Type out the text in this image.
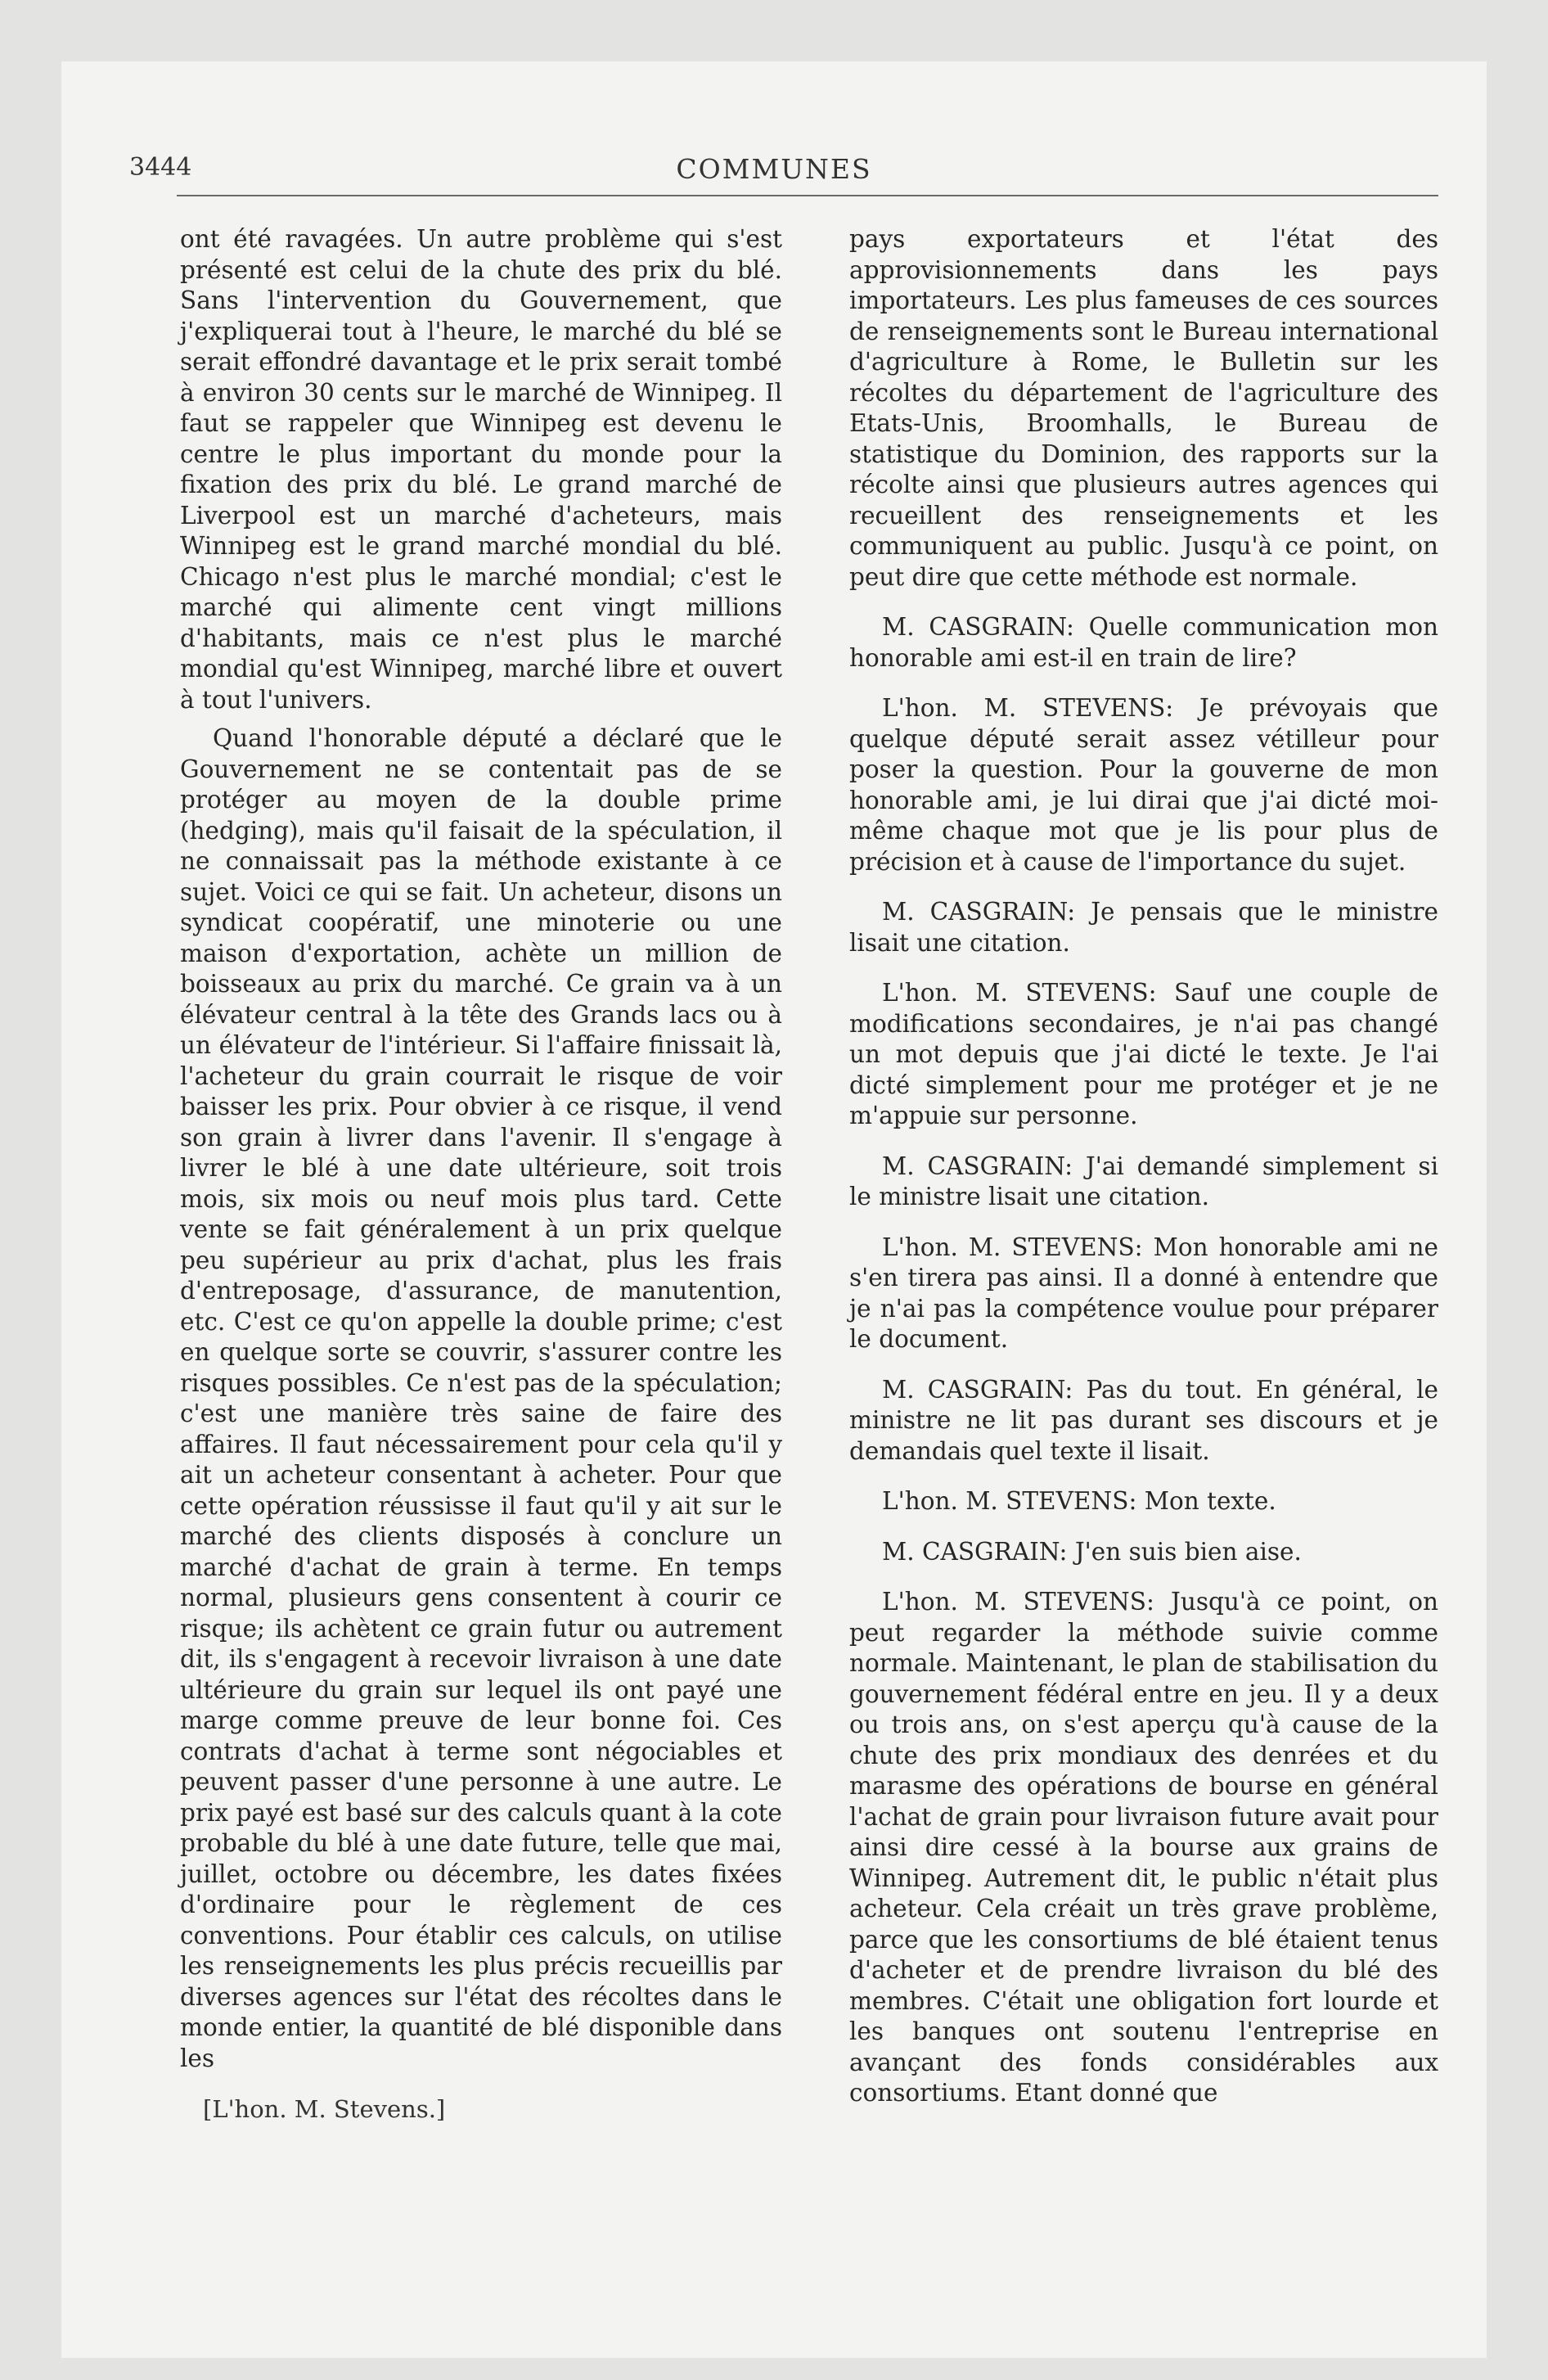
3444	COMMUNES

ont été ravagées. Un autre problème qui s'est présenté est celui de la chute des prix du blé. Sans l'intervention du Gouvernement, que j'expliquerai tout à l'heure, le marché du blé se serait effondré davantage et le prix serait tombé à environ 30 cents sur le marché de Winnipeg. Il faut se rappeler que Winnipeg est devenu le centre le plus important du monde pour la fixation des prix du blé. Le grand marché de Liverpool est un marché d'acheteurs, mais Winnipeg est le grand marché mondial du blé. Chicago n'est plus le marché mondial; c'est le marché qui alimente cent vingt millions d'habitants, mais ce n'est plus le marché mondial qu'est Winnipeg, marché libre et ouvert à tout l'univers.

Quand l'honorable député a déclaré que le Gouvernement ne se contentait pas de se protéger au moyen de la double prime (hedging), mais qu'il faisait de la spéculation, il ne connaissait pas la méthode existante à ce sujet. Voici ce qui se fait. Un acheteur, disons un syndicat coopératif, une minoterie ou une maison d'exportation, achète un million de boisseaux au prix du marché. Ce grain va à un élévateur central à la tête des Grands lacs ou à un élévateur de l'intérieur. Si l'affaire finissait là, l'acheteur du grain courrait le risque de voir baisser les prix. Pour obvier à ce risque, il vend son grain à livrer dans l'avenir. Il s'engage à livrer le blé à une date ultérieure, soit trois mois, six mois ou neuf mois plus tard. Cette vente se fait généralement à un prix quelque peu supérieur au prix d'achat, plus les frais d'entreposage, d'assurance, de manutention, etc. C'est ce qu'on appelle la double prime; c'est en quelque sorte se couvrir, s'assurer contre les risques possibles. Ce n'est pas de la spéculation; c'est une manière très saine de faire des affaires. Il faut nécessairement pour cela qu'il y ait un acheteur consentant à acheter. Pour que cette opération réussisse il faut qu'il y ait sur le marché des clients disposés à conclure un marché d'achat de grain à terme. En temps normal, plusieurs gens consentent à courir ce risque; ils achètent ce grain futur ou autrement dit, ils s'engagent à recevoir livraison à une date ultérieure du grain sur lequel ils ont payé une marge comme preuve de leur bonne foi. Ces contrats d'achat à terme sont négociables et peuvent passer d'une personne à une autre. Le prix payé est basé sur des calculs quant à la cote probable du blé à une date future, telle que mai, juillet, octobre ou décembre, les dates fixées d'ordinaire pour le règlement de ces conventions. Pour établir ces calculs, on utilise les renseignements les plus précis recueillis par diverses agences sur l'état des récoltes dans le monde entier, la quantité de blé disponible dans les

[L'hon. M. Stevens.]

pays exportateurs et l'état des approvisionnements dans les pays importateurs. Les plus fameuses de ces sources de renseignements sont le Bureau international d'agriculture à Rome, le Bulletin sur les récoltes du département de l'agriculture des Etats-Unis, Broomhalls, le Bureau de statistique du Dominion, des rapports sur la récolte ainsi que plusieurs autres agences qui recueillent des renseignements et les communiquent au public. Jusqu'à ce point, on peut dire que cette méthode est normale.

M. CASGRAIN: Quelle communication mon honorable ami est-il en train de lire?

L'hon. M. STEVENS: Je prévoyais que quelque député serait assez vétilleur pour poser la question. Pour la gouverne de mon honorable ami, je lui dirai que j'ai dicté moi-même chaque mot que je lis pour plus de précision et à cause de l'importance du sujet.

M. CASGRAIN: Je pensais que le ministre lisait une citation.

L'hon. M. STEVENS: Sauf une couple de modifications secondaires, je n'ai pas changé un mot depuis que j'ai dicté le texte. Je l'ai dicté simplement pour me protéger et je ne m'appuie sur personne.

M. CASGRAIN: J'ai demandé simplement si le ministre lisait une citation.

L'hon. M. STEVENS: Mon honorable ami ne s'en tirera pas ainsi. Il a donné à entendre que je n'ai pas la compétence voulue pour préparer le document.

M. CASGRAIN: Pas du tout. En général, le ministre ne lit pas durant ses discours et je demandais quel texte il lisait.

L'hon. M. STEVENS: Mon texte.

M. CASGRAIN: J'en suis bien aise.

L'hon. M. STEVENS: Jusqu'à ce point, on peut regarder la méthode suivie comme normale. Maintenant, le plan de stabilisation du gouvernement fédéral entre en jeu. Il y a deux ou trois ans, on s'est aperçu qu'à cause de la chute des prix mondiaux des denrées et du marasme des opérations de bourse en général l'achat de grain pour livraison future avait pour ainsi dire cessé à la bourse aux grains de Winnipeg. Autrement dit, le public n'était plus acheteur. Cela créait un très grave problème, parce que les consortiums de blé étaient tenus d'acheter et de prendre livraison du blé des membres. C'était une obligation fort lourde et les banques ont soutenu l'entreprise en avançant des fonds considérables aux consortiums. Etant donné que
